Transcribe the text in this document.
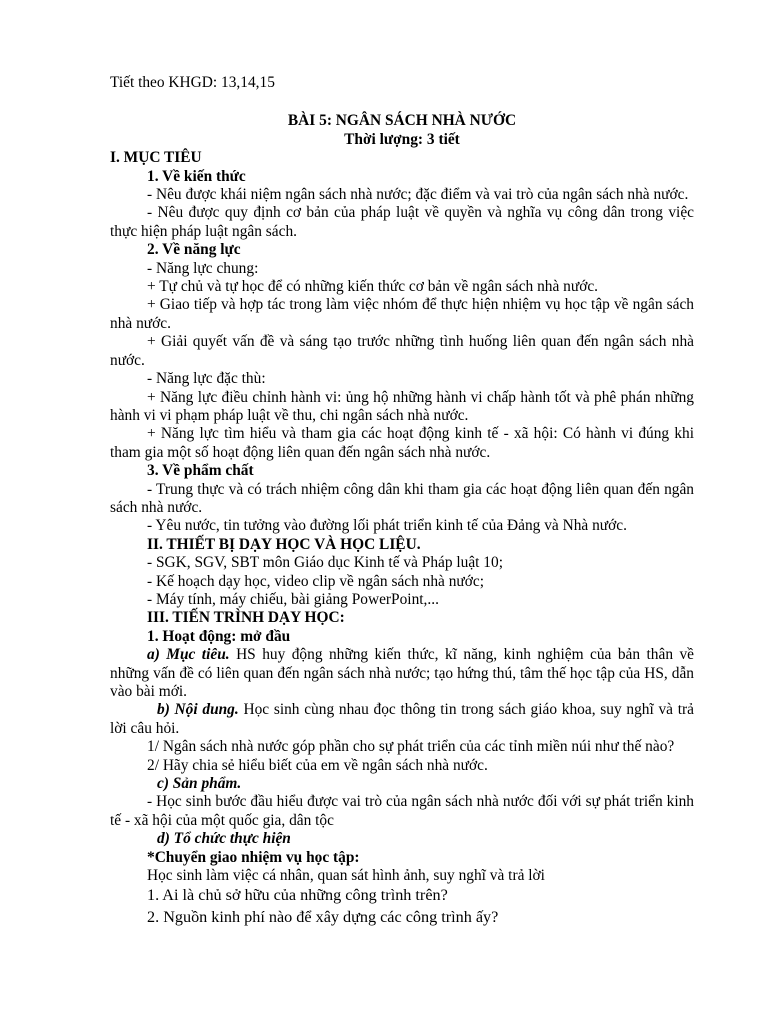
Tiết theo KHGD: 13,14,15

BÀI 5: NGÂN SÁCH NHÀ NƯỚC

Thời lượng: 3 tiết

I. MỤC TIÊU

1. Về kiến thức

- Nêu được khái niệm ngân sách nhà nước; đặc điểm và vai trò của ngân sách nhà nước.

- Nêu được quy định cơ bản của pháp luật về quyền và nghĩa vụ công dân trong việc thực hiện pháp luật ngân sách.

2. Về năng lực

- Năng lực chung:

+ Tự chủ và tự học để có những kiến thức cơ bản về ngân sách nhà nước.

+ Giao tiếp và hợp tác trong làm việc nhóm để thực hiện nhiệm vụ học tập về ngân sách nhà nước.

+ Giải quyết vấn đề và sáng tạo trước những tình huống liên quan đến ngân sách nhà nước.

- Năng lực đặc thù:

+ Năng lực điều chỉnh hành vi: ủng hộ những hành vi chấp hành tốt và phê phán những hành vi vi phạm pháp luật về thu, chi ngân sách nhà nước.

+ Năng lực tìm hiểu và tham gia các hoạt động kinh tế - xã hội: Có hành vi đúng khi tham gia một số hoạt động liên quan đến ngân sách nhà nước.

3. Về phẩm chất

- Trung thực và có trách nhiệm công dân khi tham gia các hoạt động liên quan đến ngân sách nhà nước.

- Yêu nước, tin tưởng vào đường lối phát triển kinh tế của Đảng và Nhà nước.

II. THIẾT BỊ DẠY HỌC VÀ HỌC LIỆU.

- SGK, SGV, SBT môn Giáo dục Kinh tế và Pháp luật 10;

- Kế hoạch dạy học, video clip về ngân sách nhà nước;

- Máy tính, máy chiếu, bài giảng PowerPoint,...

III. TIẾN TRÌNH DẠY HỌC:

1. Hoạt động: mở đầu

a) Mục tiêu. HS huy động những kiến thức, kĩ năng, kinh nghiệm của bản thân về những vấn đề có liên quan đến ngân sách nhà nước; tạo hứng thú, tâm thế học tập của HS, dẫn vào bài mới.

b) Nội dung. Học sinh cùng nhau đọc thông tin trong sách giáo khoa, suy nghĩ và trả lời câu hỏi.

1/ Ngân sách nhà nước góp phần cho sự phát triển của các tỉnh miền núi như thế nào?

2/ Hãy chia sẻ hiểu biết của em về ngân sách nhà nước.

c) Sản phẩm.

- Học sinh bước đầu hiểu được vai trò của ngân sách nhà nước đối với sự phát triển kinh tế - xã hội của một quốc gia, dân tộc

d) Tổ chức thực hiện

*Chuyển giao nhiệm vụ học tập:

Học sinh làm việc cá nhân, quan sát hình ảnh, suy nghĩ và trả lời

1. Ai là chủ sở hữu của những công trình trên?

2. Nguồn kinh phí nào để xây dựng các công trình ấy?
